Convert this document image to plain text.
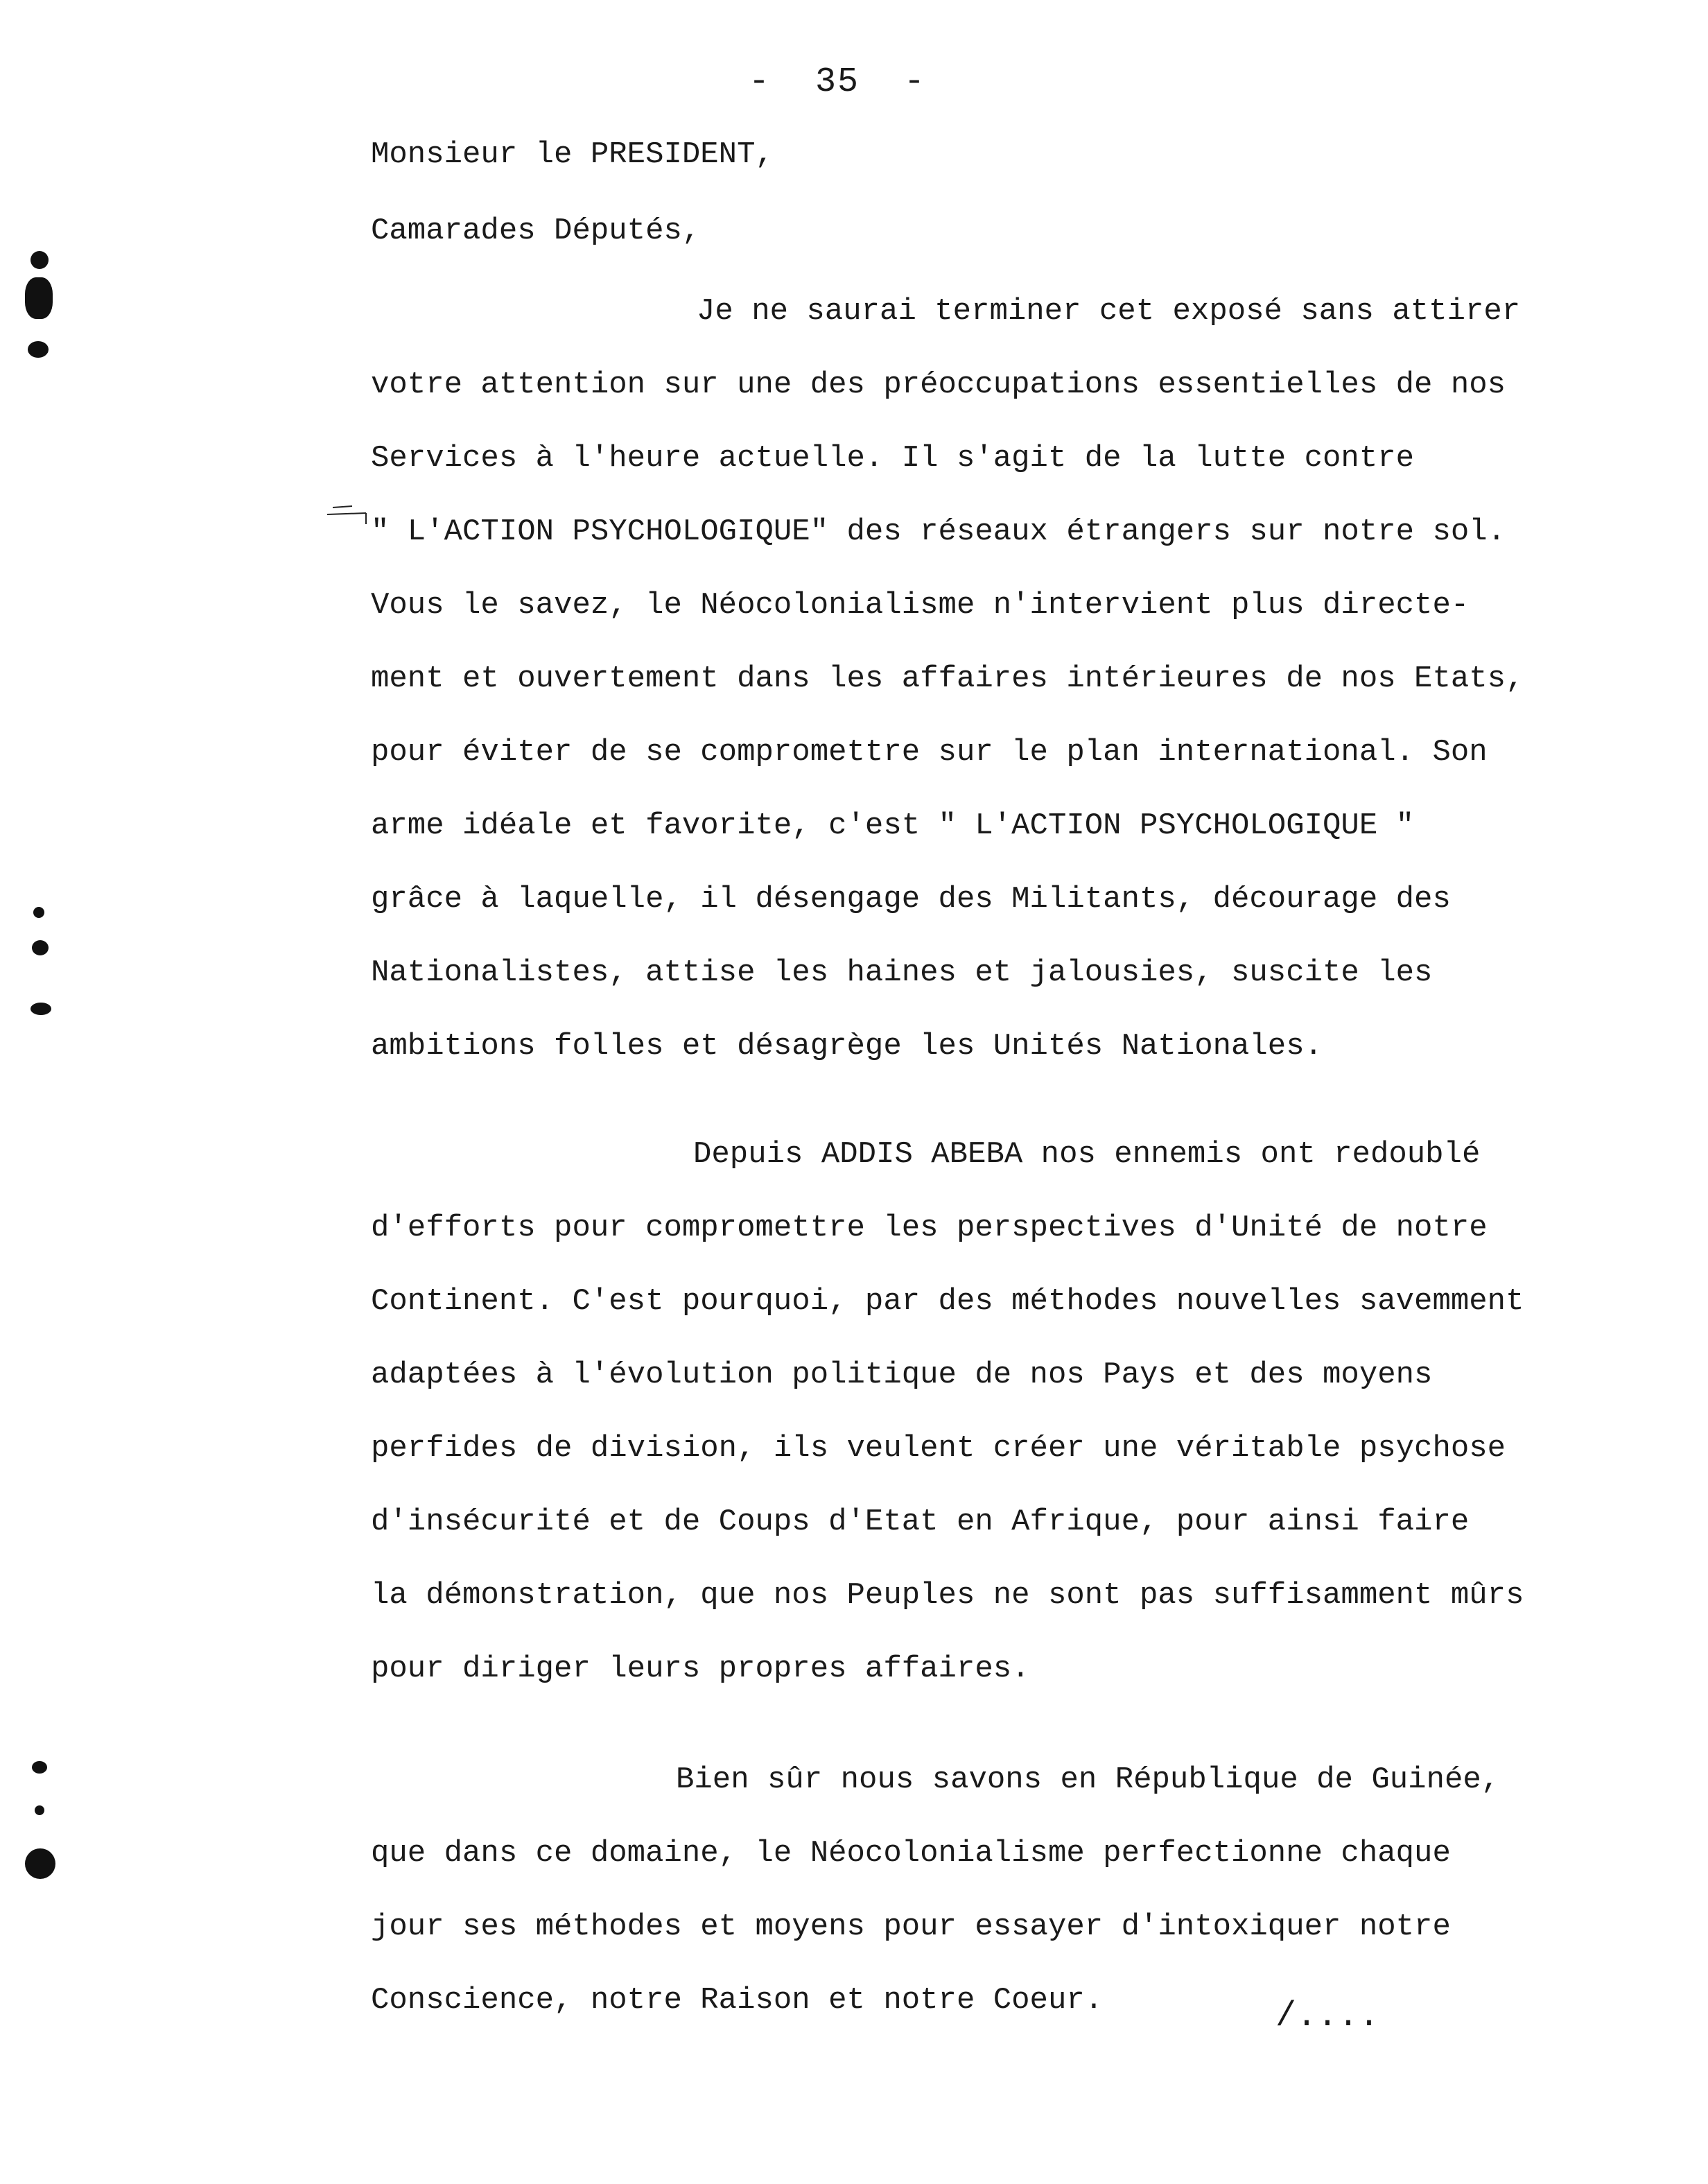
-  35  -
Monsieur le PRESIDENT,
Camarades Députés,
Je ne saurai terminer cet exposé sans attirer
votre attention sur une des préoccupations essentielles de nos
Services à l'heure actuelle. Il s'agit de la lutte contre
" L'ACTION PSYCHOLOGIQUE" des réseaux étrangers sur notre sol.
Vous le savez, le Néocolonialisme n'intervient plus directe-
ment et ouvertement dans les affaires intérieures de nos Etats,
pour éviter de se compromettre sur le plan international. Son
arme idéale et favorite, c'est " L'ACTION PSYCHOLOGIQUE "
grâce à laquelle, il désengage des Militants, décourage des
Nationalistes, attise les haines et jalousies, suscite les
ambitions folles et désagrège les Unités Nationales.
Depuis ADDIS ABEBA nos ennemis ont redoublé
d'efforts pour compromettre les perspectives d'Unité de notre
Continent. C'est pourquoi, par des méthodes nouvelles savemment
adaptées à l'évolution politique de nos Pays et des moyens
perfides de division, ils veulent créer une véritable psychose
d'insécurité et de Coups d'Etat en Afrique, pour ainsi faire
la démonstration, que nos Peuples ne sont pas suffisamment mûrs
pour diriger leurs propres affaires.
Bien sûr nous savons en République de Guinée,
que dans ce domaine, le Néocolonialisme perfectionne chaque
jour ses méthodes et moyens pour essayer d'intoxiquer notre
Conscience, notre Raison et notre Coeur.	/....
